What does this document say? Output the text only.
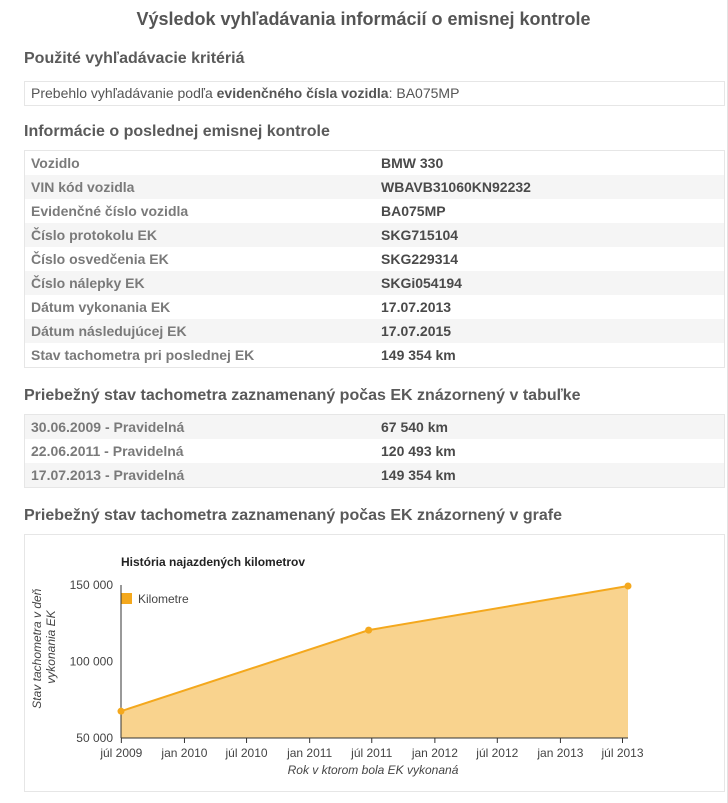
Výsledok vyhľadávania informácií o emisnej kontrole
Použité vyhľadávacie kritériá
Prebehlo vyhľadávanie podľa evidenčného čísla vozidla: BA075MP
Informácie o poslednej emisnej kontrole
Vozidlo	BMW 330
VIN kód vozidla	WBAVB31060KN92232
Evidenčné číslo vozidla	BA075MP
Číslo protokolu EK	SKG715104
Číslo osvedčenia EK	SKG229314
Číslo nálepky EK	SKGi054194
Dátum vykonania EK	17.07.2013
Dátum následujúcej EK	17.07.2015
Stav tachometra pri poslednej EK	149 354 km
Priebežný stav tachometra zaznamenaný počas EK znázornený v tabuľke
30.06.2009 - Pravidelná	67 540 km
22.06.2011 - Pravidelná	120 493 km
17.07.2013 - Pravidelná	149 354 km
Priebežný stav tachometra zaznamenaný počas EK znázornený v grafe
História najazdených kilometrov
Kilometre
50 000
100 000
150 000
júl 2009 jan 2010 júl 2010 jan 2011 júl 2011 jan 2012 júl 2012 jan 2013 júl 2013
Stav tachometra v deň vykonania EK
Rok v ktorom bola EK vykonaná
